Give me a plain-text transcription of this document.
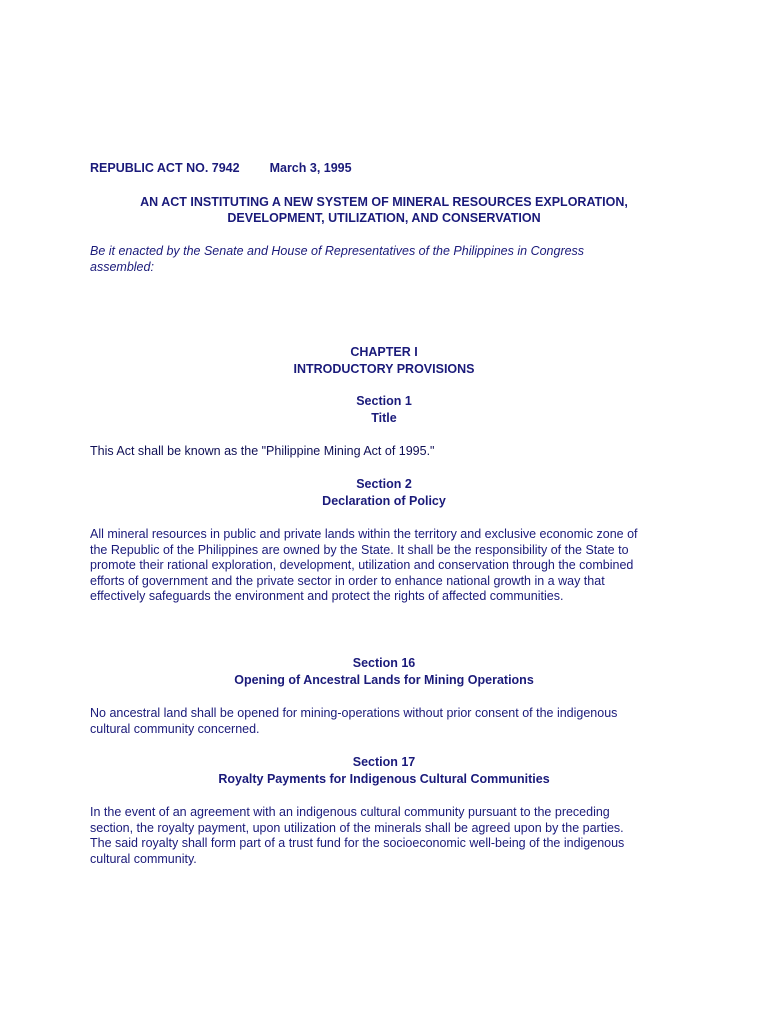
REPUBLIC ACT NO. 7942 March 3, 1995
AN ACT INSTITUTING A NEW SYSTEM OF MINERAL RESOURCES EXPLORATION,
DEVELOPMENT, UTILIZATION, AND CONSERVATION
Be it enacted by the Senate and House of Representatives of the Philippines in Congress
assembled:
CHAPTER I
INTRODUCTORY PROVISIONS
Section 1
Title
This Act shall be known as the "Philippine Mining Act of 1995."
Section 2
Declaration of Policy
All mineral resources in public and private lands within the territory and exclusive economic zone of
the Republic of the Philippines are owned by the State. It shall be the responsibility of the State to
promote their rational exploration, development, utilization and conservation through the combined
efforts of government and the private sector in order to enhance national growth in a way that
effectively safeguards the environment and protect the rights of affected communities.
Section 16
Opening of Ancestral Lands for Mining Operations
No ancestral land shall be opened for mining-operations without prior consent of the indigenous
cultural community concerned.
Section 17
Royalty Payments for Indigenous Cultural Communities
In the event of an agreement with an indigenous cultural community pursuant to the preceding
section, the royalty payment, upon utilization of the minerals shall be agreed upon by the parties.
The said royalty shall form part of a trust fund for the socioeconomic well-being of the indigenous
cultural community.
